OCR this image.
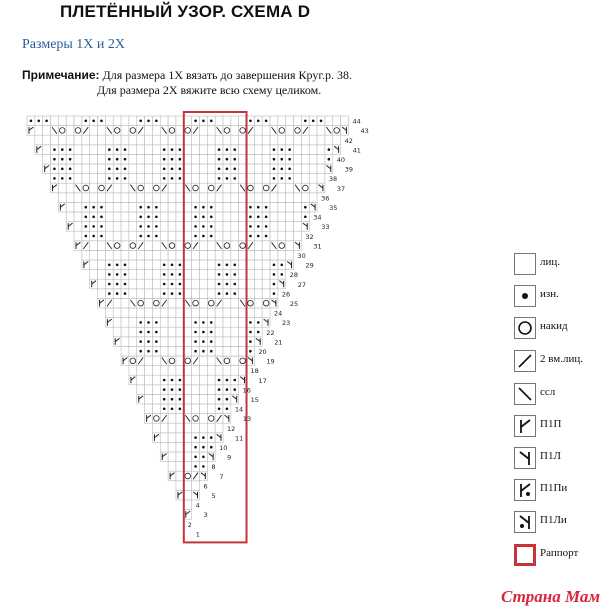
ПЛЕТЁННЫЙ УЗОР. СХЕМА D
Размеры 1Х и 2Х
Примечание: Для размера 1Х вязать до завершения Круг.р. 38.
Для размера 2Х вяжите всю схему целиком.
1
2
3
4
5
6
7
8
9
10
11
12
13
14
15
16
17
18
19
20
21
22
23
24
25
26
27
28
29
30
31
32
33
34
35
36
37
38
39
40
41
42
43
44
лиц.
изн.
накид
2 вм.лиц.
ссл
П1П
П1Л
П1Пи
П1Ли
Раппорт
Страна Мам
